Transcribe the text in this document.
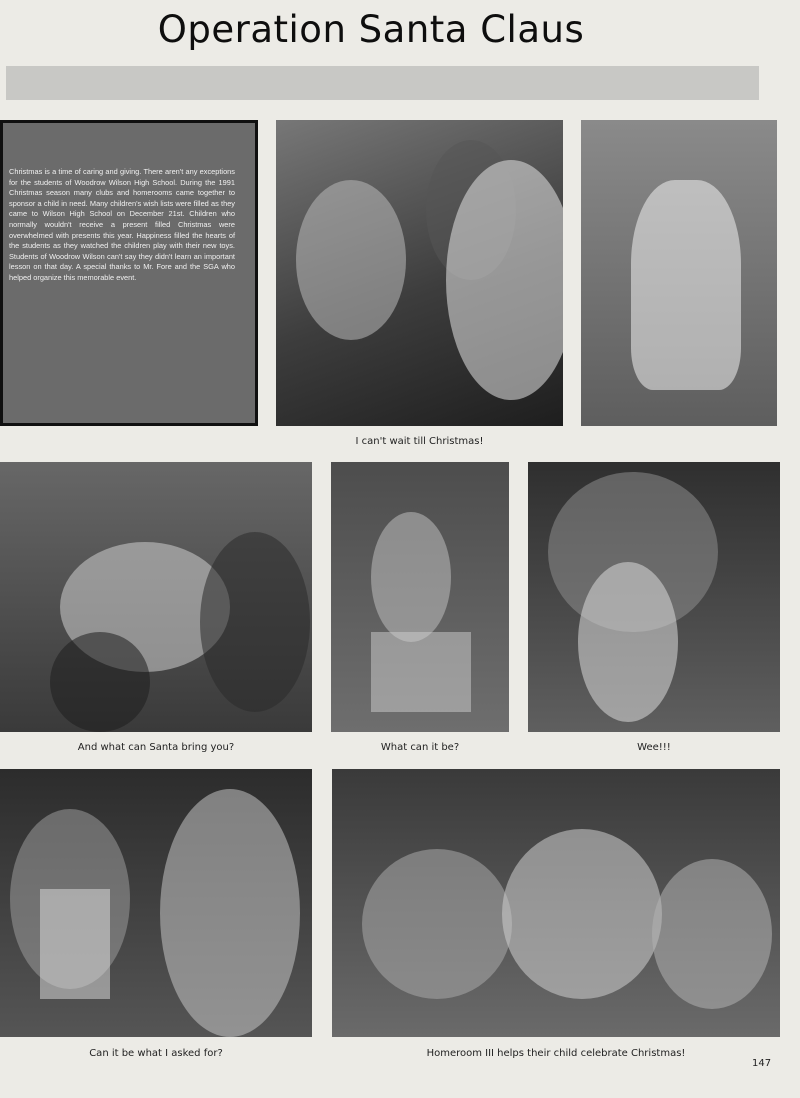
Operation Santa Claus

Christmas is a time of caring and giving. There aren't any exceptions for the students of Woodrow Wilson High School. During the 1991 Christmas season many clubs and homerooms came together to sponsor a child in need. Many children's wish lists were filled as they came to Wilson High School on December 21st. Children who normally wouldn't receive a present filled Christmas were overwhelmed with presents this year. Happiness filled the hearts of the students as they watched the children play with their new toys. Students of Woodrow Wilson can't say they didn't learn an important lesson on that day. A special thanks to Mr. Fore and the SGA who helped organize this memorable event.

I can't wait till Christmas!
And what can Santa bring you?	What can it be?	Wee!!!
Can it be what I asked for?	Homeroom III helps their child celebrate Christmas!
147
